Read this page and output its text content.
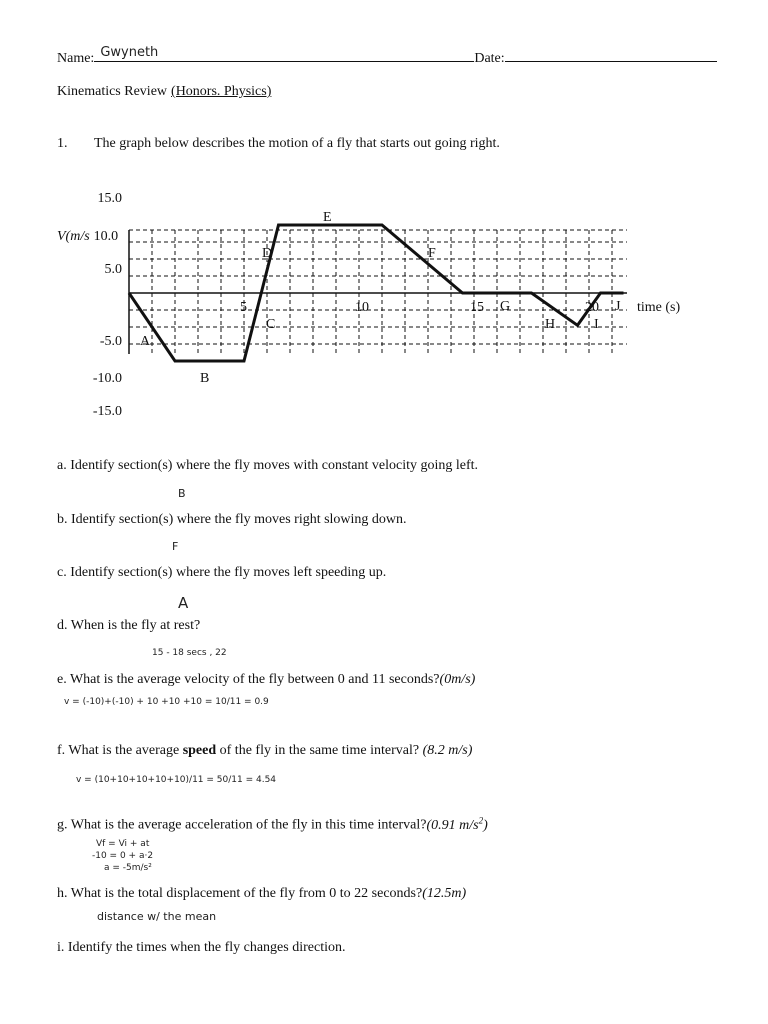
Name: Gwyneth	Date:
Kinematics Review (Honors. Physics)
1. The graph below describes the motion of a fly that starts out going right.
15.0
5.0
-5.0
-10.0
-15.0
5	10	15	20
A
B
C
D
E
F
G
H	I
J
V(m/s 10.0
time (s)
a. Identify section(s) where the fly moves with constant velocity going left.
B
b. Identify section(s) where the fly moves right slowing down.
F
c. Identify section(s) where the fly moves left speeding up.
A
d. When is the fly at rest?
15 - 18 secs , 22
e. What is the average velocity of the fly between 0 and 11 seconds?(0m/s)
v = (-10)+(-10) + 10 +10 +10 = 10/11 = 0.9
f. What is the average speed of the fly in the same time interval? (8.2 m/s)
v = (10+10+10+10+10)/11 = 50/11 = 4.54
g. What is the average acceleration of the fly in this time interval?(0.91 $m/s^2$)
Vf = Vi + at
-10 = 0 + a·2
a = -5m/s²
h. What is the total displacement of the fly from 0 to 22 seconds?(12.5m)
distance w/ the mean
i. Identify the times when the fly changes direction.
